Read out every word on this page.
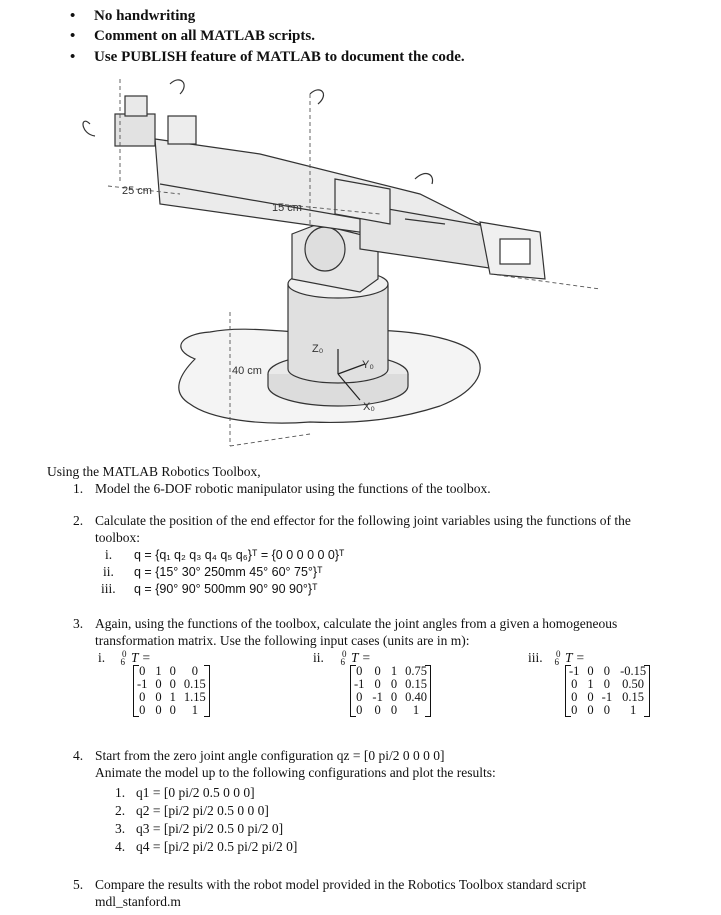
• No handwriting
• Comment on all MATLAB scripts.
• Use PUBLISH feature of MATLAB to document the code.
25 cm
15 cm
40 cm
Z₀
Y₀
X₀
Using the MATLAB Robotics Toolbox,
1. Model the 6-DOF robotic manipulator using the functions of the toolbox.
2. Calculate the position of the end effector for the following joint variables using the functions of the
toolbox:
i. q = {q₁ q₂ q₃ q₄ q₅ q₆}ᵀ = {0 0 0 0 0 0}ᵀ
ii. q = {15° 30° 250mm 45° 60° 75°}ᵀ
iii. q = {90° 90° 500mm 90° 90 90°}ᵀ
3. Again, using the functions of the toolbox, calculate the joint angles from a given a homogeneous
transformation matrix. Use the following input cases (units are in m):
i. $^0_6$ T =
0	1	0	0
-1	0	0	0.15
0	0	1	1.15
0	0	0	1
ii. $^0_6$ T =
0	0	1	0.75
-1	0	0	0.15
0	-1	0	0.40
0	0	0	1
iii. $^0_6$ T =
-1	0	0	-0.15
0	1	0	0.50
0	0	-1	0.15
0	0	0	1
4. Start from the zero joint angle configuration qz = [0 pi/2 0 0 0 0]
Animate the model up to the following configurations and plot the results:
1. q1 = [0 pi/2 0.5 0 0 0]
2. q2 = [pi/2 pi/2 0.5 0 0 0]
3. q3 = [pi/2 pi/2 0.5 0 pi/2 0]
4. q4 = [pi/2 pi/2 0.5 pi/2 pi/2 0]
5. Compare the results with the robot model provided in the Robotics Toolbox standard script
mdl_stanford.m
